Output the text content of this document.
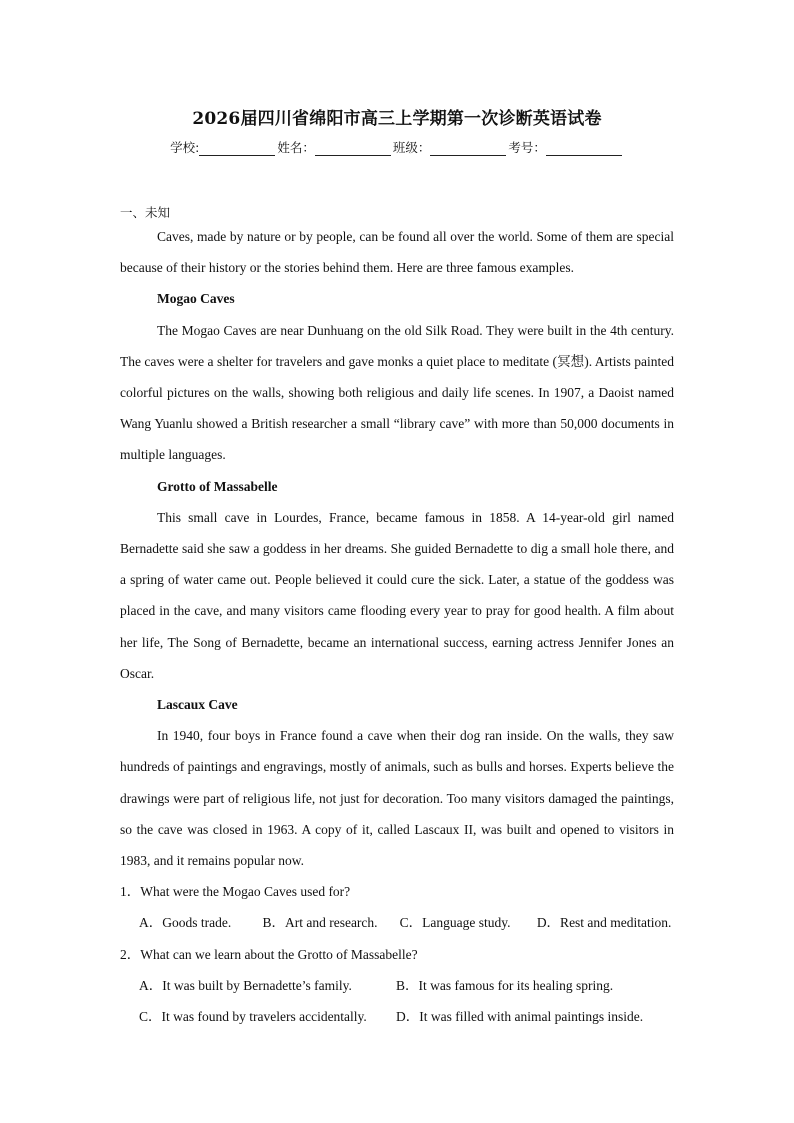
2026届四川省绵阳市高三上学期第一次诊断英语试卷
学校:	姓名：	班级：	考号：
一、未知

Caves, made by nature or by people, can be found all over the world. Some of them are special because of their history or the stories behind them. Here are three famous examples.

Mogao Caves

The Mogao Caves are near Dunhuang on the old Silk Road. They were built in the 4th century. The caves were a shelter for travelers and gave monks a quiet place to meditate (冥想). Artists painted colorful pictures on the walls, showing both religious and daily life scenes. In 1907, a Daoist named Wang Yuanlu showed a British researcher a small “library cave” with more than 50,000 documents in multiple languages.

Grotto of Massabelle

This small cave in Lourdes, France, became famous in 1858. A 14-year-old girl named Bernadette said she saw a goddess in her dreams. She guided Bernadette to dig a small hole there, and a spring of water came out. People believed it could cure the sick. Later, a statue of the goddess was placed in the cave, and many visitors came flooding every year to pray for good health. A film about her life, The Song of Bernadette, became an international success, earning actress Jennifer Jones an Oscar.

Lascaux Cave

In 1940, four boys in France found a cave when their dog ran inside. On the walls, they saw hundreds of paintings and engravings, mostly of animals, such as bulls and horses. Experts believe the drawings were part of religious life, not just for decoration. Too many visitors damaged the paintings, so the cave was closed in 1963. A copy of it, called Lascaux II, was built and opened to visitors in 1983, and it remains popular now.

1．What were the Mogao Caves used for?

A．Goods trade.	B．Art and research.	C．Language study.	D．Rest and meditation.

2．What can we learn about the Grotto of Massabelle?

A．It was built by Bernadette’s family.	B．It was famous for its healing spring.
C．It was found by travelers accidentally.	D．It was filled with animal paintings inside.
